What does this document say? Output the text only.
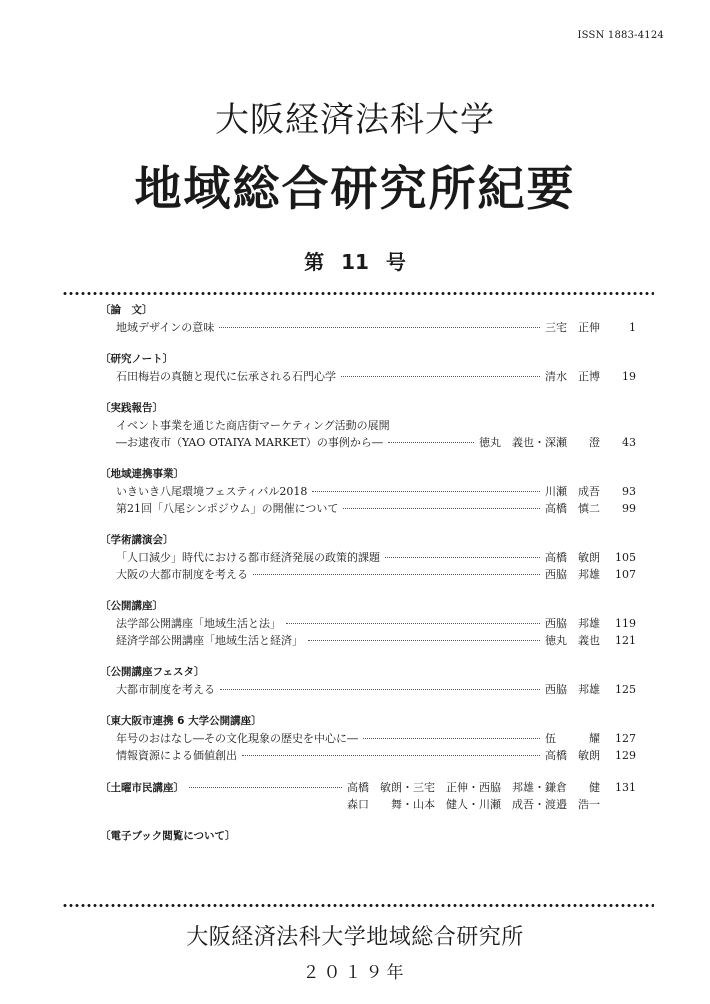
ISSN 1883-4124
大阪経済法科大学
地域総合研究所紀要
第 11 号
〔論　文〕
地域デザインの意味	三宅　正伸	1
〔研究ノート〕
石田梅岩の真髄と現代に伝承される石門心学	清水　正博	19
〔実践報告〕
イベント事業を通じた商店街マーケティング活動の展開
―お逮夜市（YAO OTAIYA MARKET）の事例から―	徳丸　義也・深瀬　　澄	43
〔地域連携事業〕
いきいき八尾環境フェスティバル2018	川瀬　成吾	93
第21回「八尾シンポジウム」の開催について	高橋　慎二	99
〔学術講演会〕
「人口減少」時代における都市経済発展の政策的課題	高橋　敏朗	105
大阪の大都市制度を考える	西脇　邦雄	107
〔公開講座〕
法学部公開講座「地域生活と法」	西脇　邦雄	119
経済学部公開講座「地域生活と経済」	徳丸　義也	121
〔公開講座フェスタ〕
大都市制度を考える	西脇　邦雄	125
〔東大阪市連携 6 大学公開講座〕
年号のおはなし―その文化現象の歴史を中心に―	伍　　　耀	127
情報資源による価値創出	高橋　敏朗	129
〔土曜市民講座〕	高橋　敏朗・三宅　正伸・西脇　邦雄・鎌倉　　健	131
森口　　舞・山本　健人・川瀬　成吾・渡邉　浩一
〔電子ブック閲覧について〕
大阪経済法科大学地域総合研究所
２０１９年
